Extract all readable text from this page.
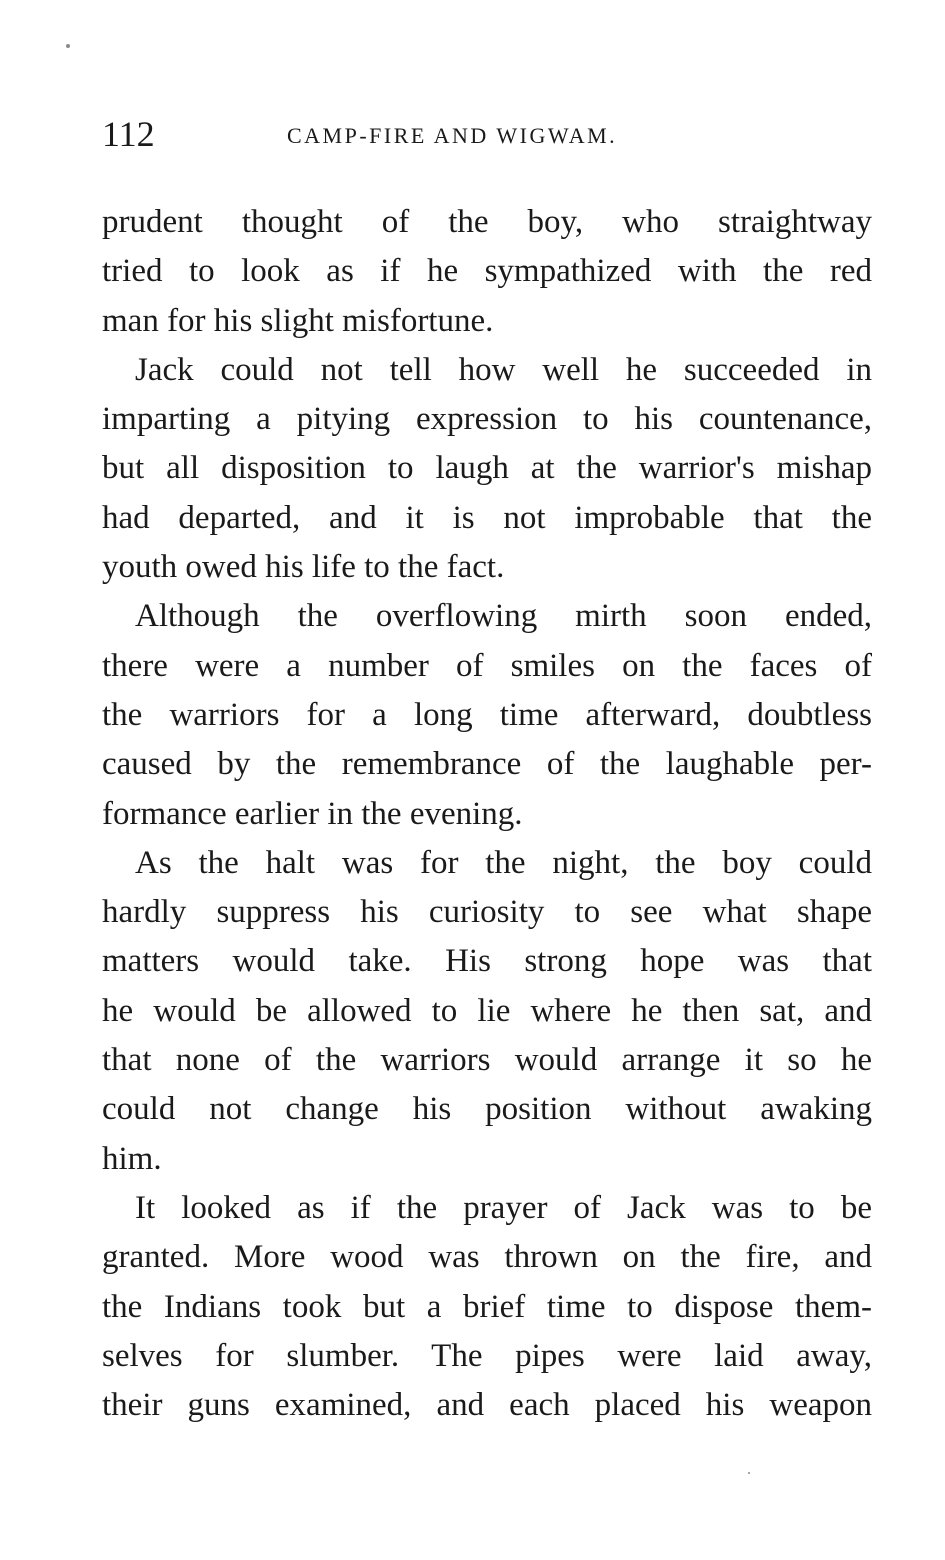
112	CAMP-FIRE AND WIGWAM.
prudent thought of the boy, who straightway
tried to look as if he sympathized with the red
man for his slight misfortune.
Jack could not tell how well he succeeded in
imparting a pitying expression to his countenance,
but all disposition to laugh at the warrior's mishap
had departed, and it is not improbable that the
youth owed his life to the fact.
Although the overflowing mirth soon ended,
there were a number of smiles on the faces of
the warriors for a long time afterward, doubtless
caused by the remembrance of the laughable per-
formance earlier in the evening.
As the halt was for the night, the boy could
hardly suppress his curiosity to see what shape
matters would take. His strong hope was that
he would be allowed to lie where he then sat, and
that none of the warriors would arrange it so he
could not change his position without awaking
him.
It looked as if the prayer of Jack was to be
granted. More wood was thrown on the fire, and
the Indians took but a brief time to dispose them-
selves for slumber. The pipes were laid away,
their guns examined, and each placed his weapon
